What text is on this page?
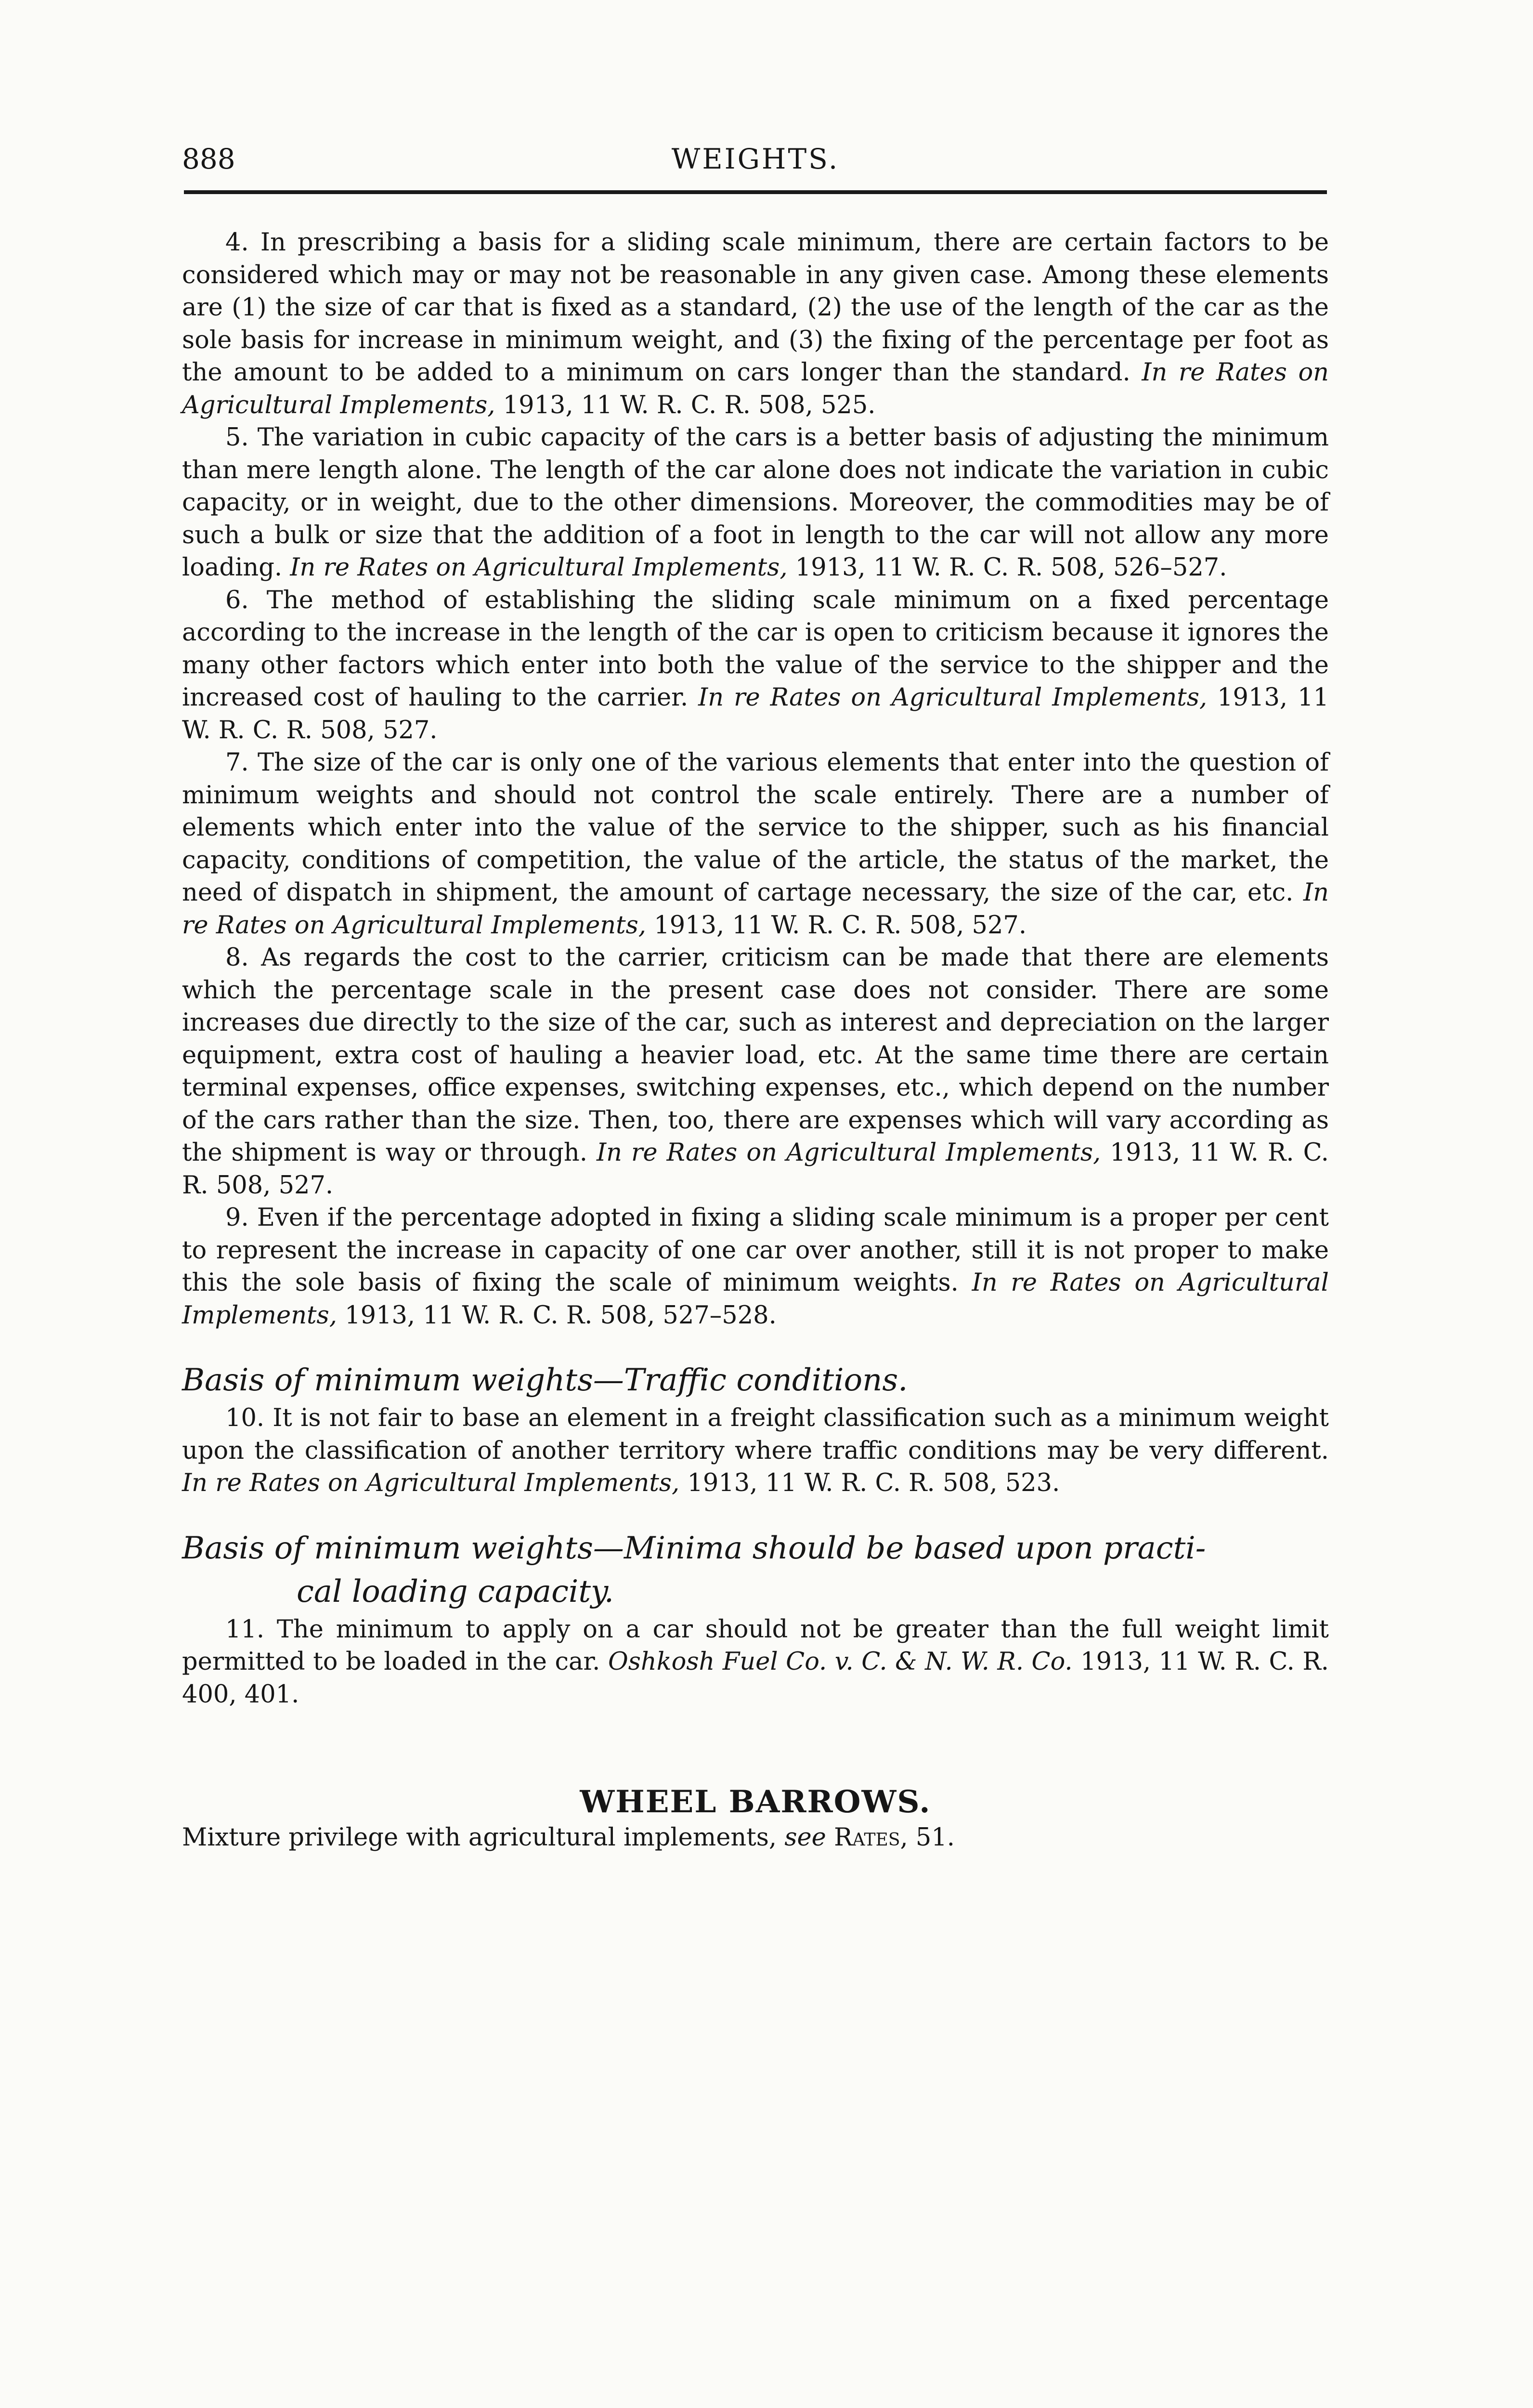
888	WEIGHTS.

4. In prescribing a basis for a sliding scale minimum, there are certain factors to be considered which may or may not be reasonable in any given case. Among these elements are (1) the size of car that is fixed as a standard, (2) the use of the length of the car as the sole basis for increase in minimum weight, and (3) the fixing of the percentage per foot as the amount to be added to a minimum on cars longer than the standard. In re Rates on Agricultural Implements, 1913, 11 W. R. C. R. 508, 525.

5. The variation in cubic capacity of the cars is a better basis of adjusting the minimum than mere length alone. The length of the car alone does not indicate the variation in cubic capacity, or in weight, due to the other dimensions. Moreover, the commodities may be of such a bulk or size that the addition of a foot in length to the car will not allow any more loading. In re Rates on Agricultural Implements, 1913, 11 W. R. C. R. 508, 526–527.

6. The method of establishing the sliding scale minimum on a fixed percentage according to the increase in the length of the car is open to criticism because it ignores the many other factors which enter into both the value of the service to the shipper and the increased cost of hauling to the carrier. In re Rates on Agricultural Implements, 1913, 11 W. R. C. R. 508, 527.

7. The size of the car is only one of the various elements that enter into the question of minimum weights and should not control the scale entirely. There are a number of elements which enter into the value of the service to the shipper, such as his financial capacity, conditions of competition, the value of the article, the status of the market, the need of dispatch in shipment, the amount of cartage necessary, the size of the car, etc. In re Rates on Agricultural Implements, 1913, 11 W. R. C. R. 508, 527.

8. As regards the cost to the carrier, criticism can be made that there are elements which the percentage scale in the present case does not consider. There are some increases due directly to the size of the car, such as interest and depreciation on the larger equipment, extra cost of hauling a heavier load, etc. At the same time there are certain terminal expenses, office expenses, switching expenses, etc., which depend on the number of the cars rather than the size. Then, too, there are expenses which will vary according as the shipment is way or through. In re Rates on Agricultural Implements, 1913, 11 W. R. C. R. 508, 527.

9. Even if the percentage adopted in fixing a sliding scale minimum is a proper per cent to represent the increase in capacity of one car over another, still it is not proper to make this the sole basis of fixing the scale of minimum weights. In re Rates on Agricultural Implements, 1913, 11 W. R. C. R. 508, 527–528.

Basis of minimum weights—Traffic conditions.

10. It is not fair to base an element in a freight classification such as a minimum weight upon the classification of another territory where traffic conditions may be very different. In re Rates on Agricultural Implements, 1913, 11 W. R. C. R. 508, 523.

Basis of minimum weights—Minima should be based upon practi-
cal loading capacity.

11. The minimum to apply on a car should not be greater than the full weight limit permitted to be loaded in the car. Oshkosh Fuel Co. v. C. & N. W. R. Co. 1913, 11 W. R. C. R. 400, 401.

WHEEL BARROWS.

Mixture privilege with agricultural implements, see Rates, 51.
